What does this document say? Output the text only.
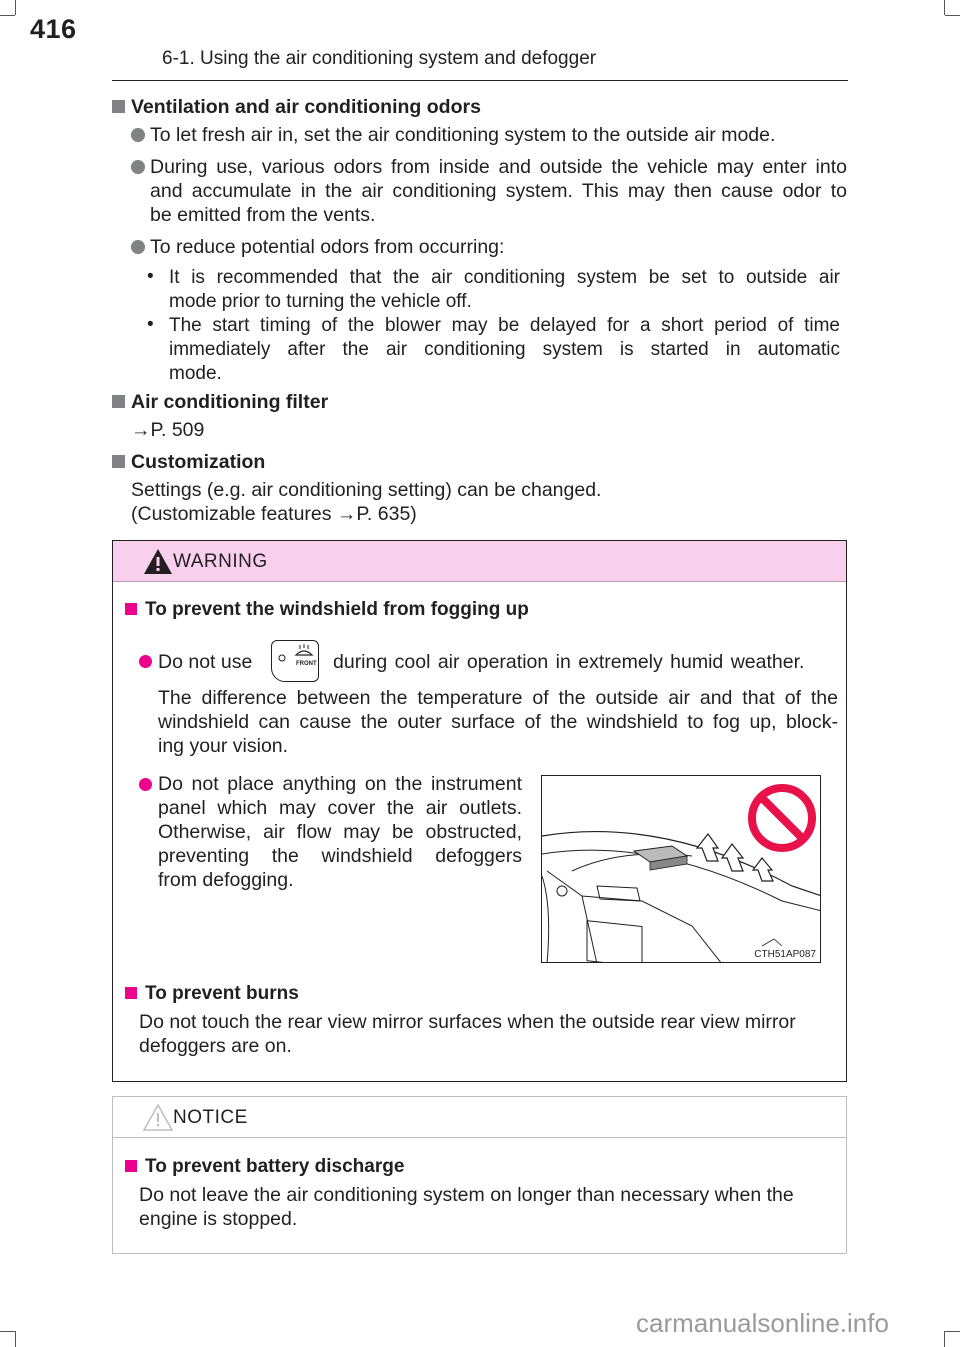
416
6-1. Using the air conditioning system and defogger
Ventilation and air conditioning odors
To let fresh air in, set the air conditioning system to the outside air mode.
During use, various odors from inside and outside the vehicle may enter into
and accumulate in the air conditioning system. This may then cause odor to
be emitted from the vents.
To reduce potential odors from occurring:
• It is recommended that the air conditioning system be set to outside air
mode prior to turning the vehicle off.
• The start timing of the blower may be delayed for a short period of time
immediately after the air conditioning system is started in automatic
mode.
Air conditioning filter
→P. 509
Customization
Settings (e.g. air conditioning setting) can be changed.
(Customizable features →P. 635)
WARNING
To prevent the windshield from fogging up
Do not use	FRONT during cool air operation in extremely humid weather.
The difference between the temperature of the outside air and that of the
windshield can cause the outer surface of the windshield to fog up, block-
ing your vision.
Do not place anything on the instrument
panel which may cover the air outlets.
Otherwise, air flow may be obstructed,
preventing the windshield defoggers
from defogging.
CTH51AP087
To prevent burns
Do not touch the rear view mirror surfaces when the outside rear view mirror
defoggers are on.
NOTICE
To prevent battery discharge
Do not leave the air conditioning system on longer than necessary when the
engine is stopped.
carmanualsonline.info
